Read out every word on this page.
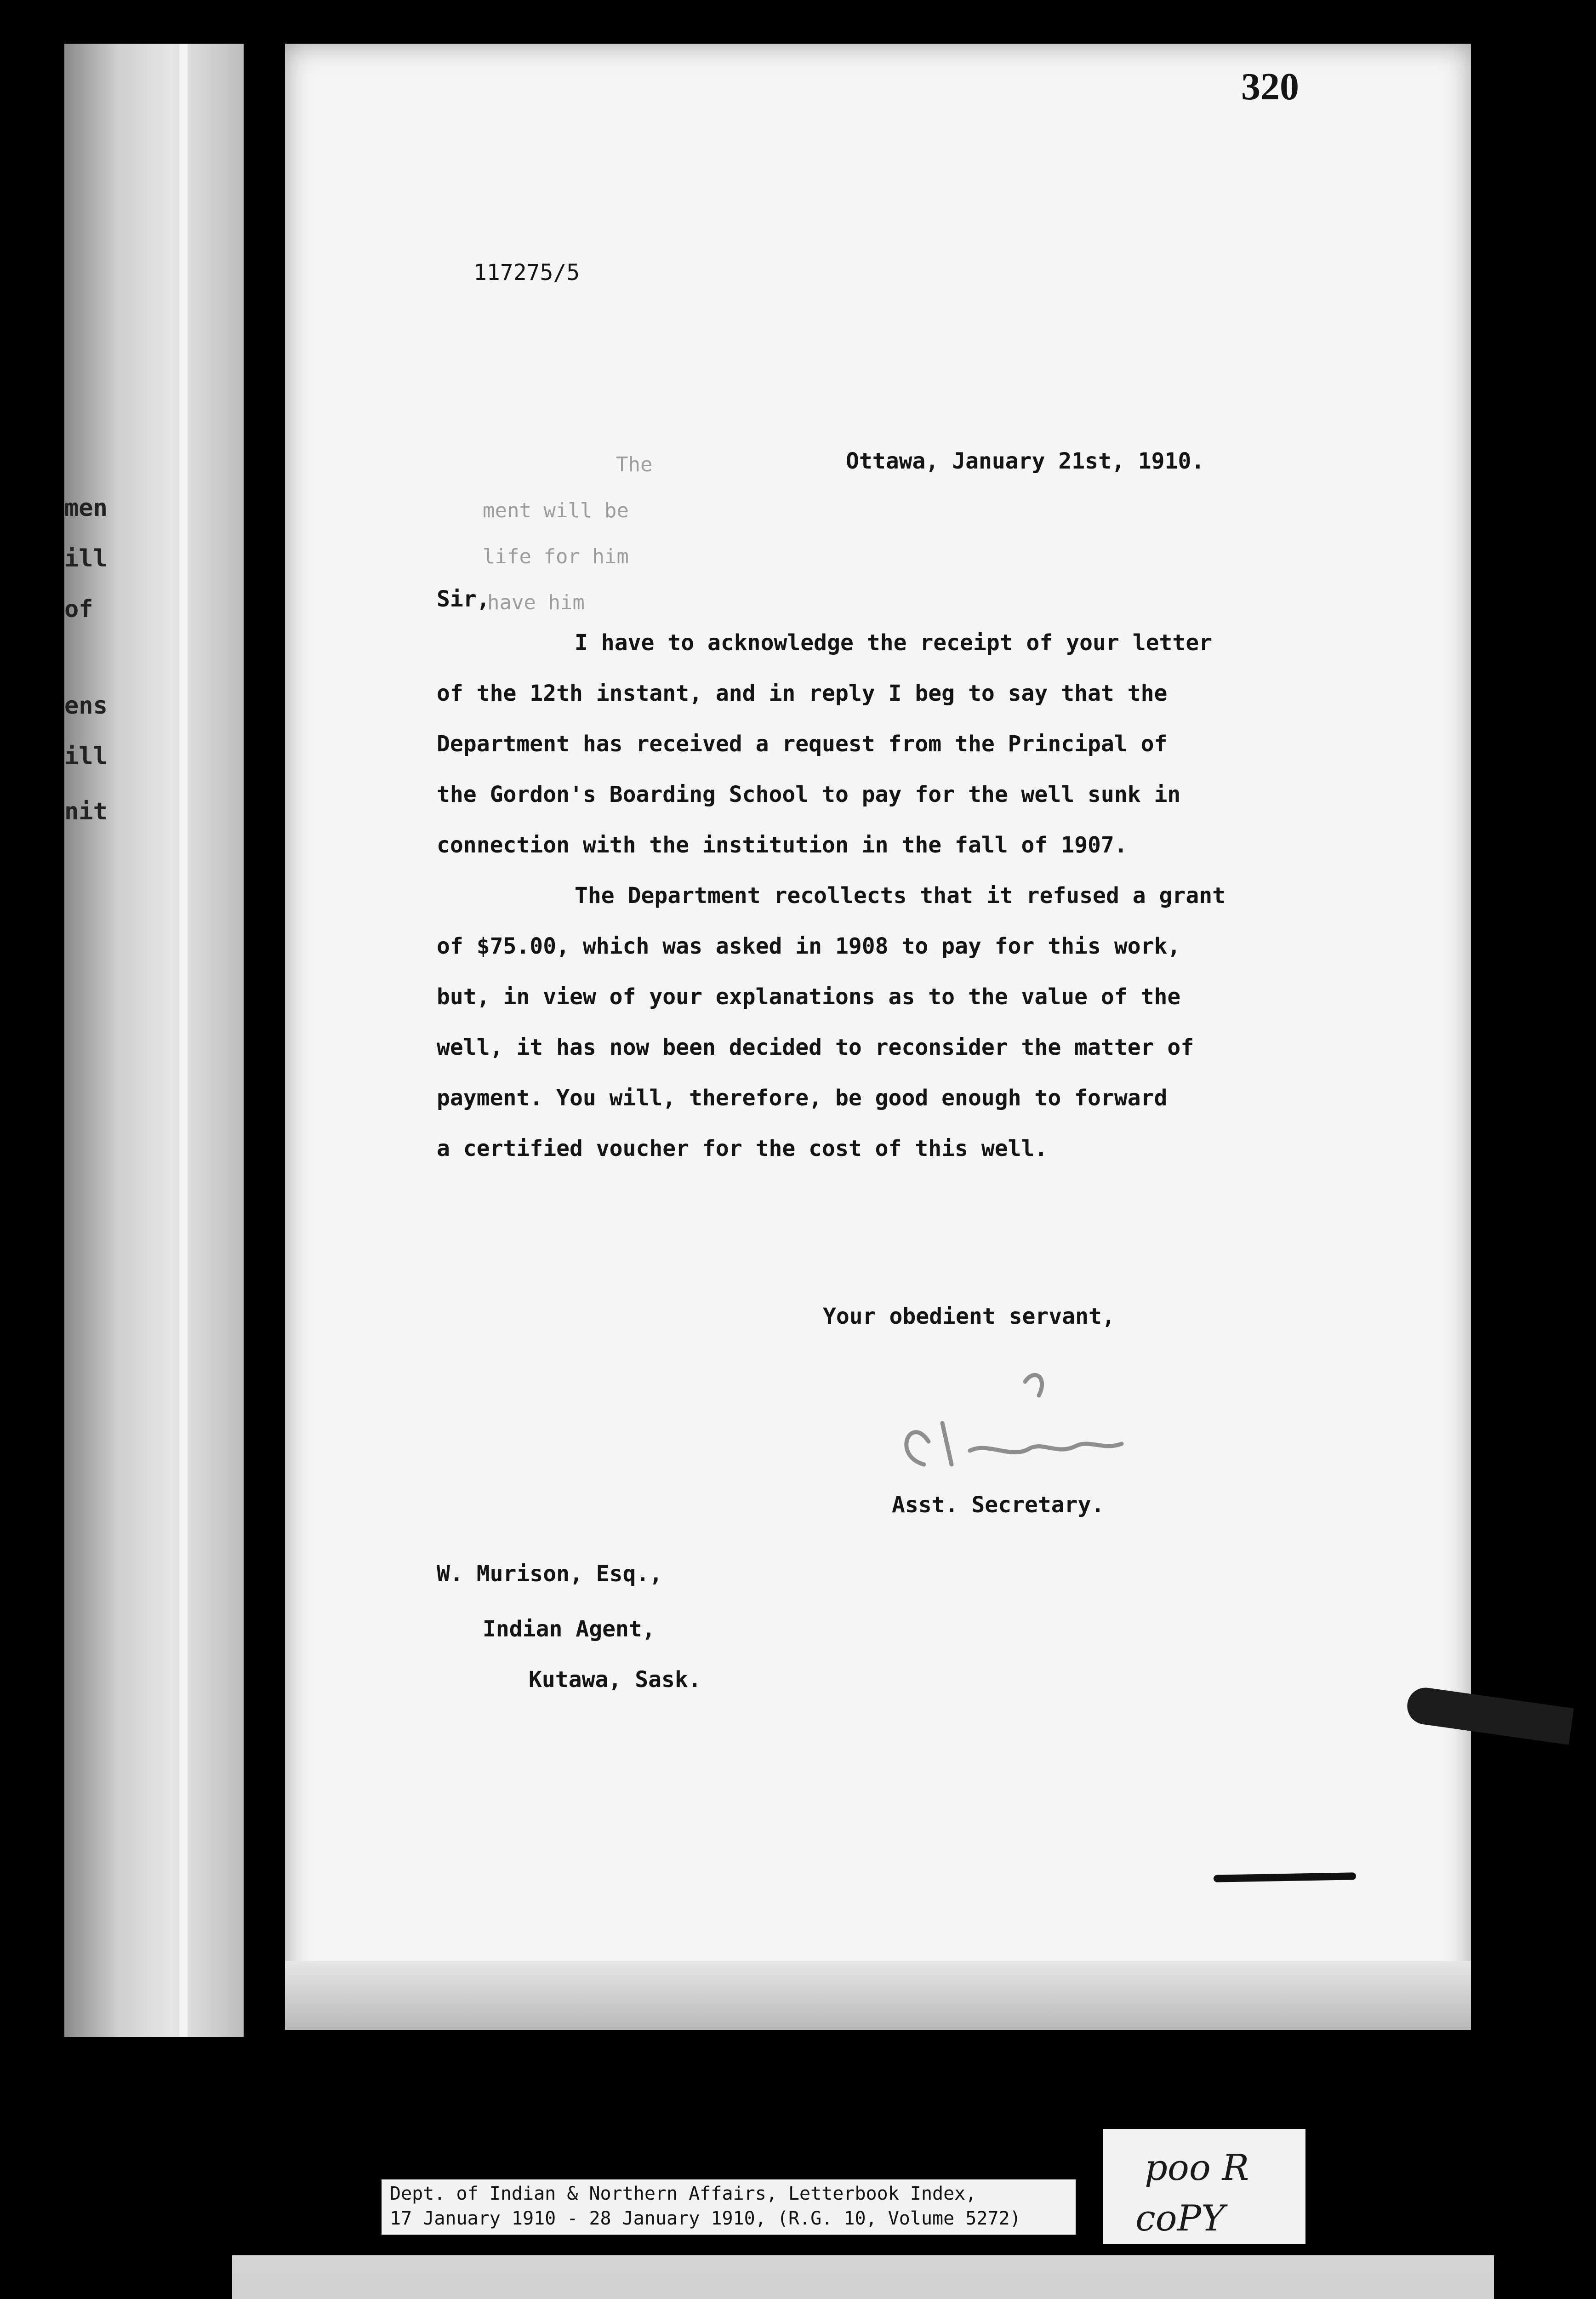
men
ill
of
ens
ill
nit
320
117275/5
The
ment will be
life for him
have him
Ottawa, January 21st, 1910.
Sir,
I have to acknowledge the receipt of your letter
of the 12th instant, and in reply I beg to say that the
Department has received a request from the Principal of
the Gordon's Boarding School to pay for the well sunk in
connection with the institution in the fall of 1907.
The Department recollects that it refused a grant
of $75.00, which was asked in 1908 to pay for this work,
but, in view of your explanations as to the value of the
well, it has now been decided to reconsider the matter of
payment. You will, therefore, be good enough to forward
a certified voucher for the cost of this well.
Your obedient servant,
Asst. Secretary.
W. Murison, Esq.,
Indian Agent,
Kutawa, Sask.
Dept. of Indian & Northern Affairs, Letterbook Index,
17 January 1910 - 28 January 1910, (R.G. 10, Volume 5272)
poo R
coPY
